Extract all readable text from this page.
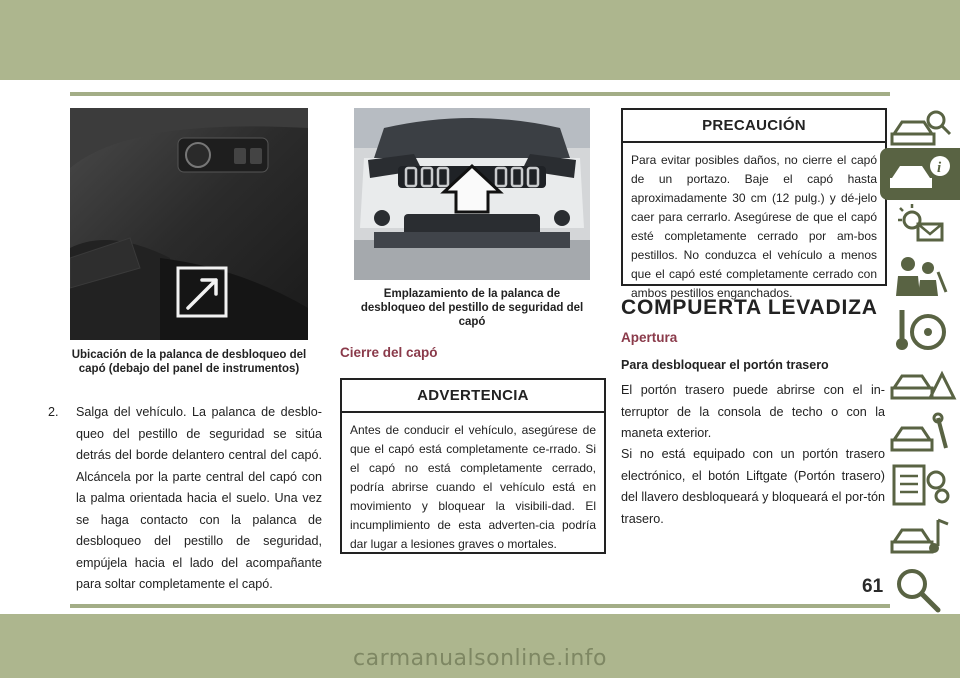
Ubicación de la palanca de desbloqueo del capó (debajo del panel de instrumentos)
2.	Salga del vehículo. La palanca de desblo-queo del pestillo de seguridad se sitúa detrás del borde delantero central del capó. Alcáncela por la parte central del capó con la palma orientada hacia el suelo. Una vez se haga contacto con la palanca de desbloqueo del pestillo de seguridad, empújela hacia el lado del acompañante para soltar completamente el capó.
Emplazamiento de la palanca de desbloqueo del pestillo de seguridad del capó
Cierre del capó
ADVERTENCIA
Antes de conducir el vehículo, asegúrese de que el capó está completamente ce-rrado. Si el capó no está completamente cerrado, podría abrirse cuando el vehículo está en movimiento y bloquear la visibili-dad. El incumplimiento de esta adverten-cia podría dar lugar a lesiones graves o mortales.
PRECAUCIÓN
Para evitar posibles daños, no cierre el capó de un portazo. Baje el capó hasta aproximadamente 30 cm (12 pulg.) y dé-jelo caer para cerrarlo. Asegúrese de que el capó esté completamente cerrado por am-bos pestillos. No conduzca el vehículo a menos que el capó esté completamente cerrado con ambos pestillos enganchados.
COMPUERTA LEVADIZA
Apertura
Para desbloquear el portón trasero
El portón trasero puede abrirse con el in-terruptor de la consola de techo o con la maneta exterior.
Si no está equipado con un portón trasero electrónico, el botón Liftgate (Portón trasero) del llavero desbloqueará y bloqueará el por-tón trasero.
i
61
carmanualsonline.info
